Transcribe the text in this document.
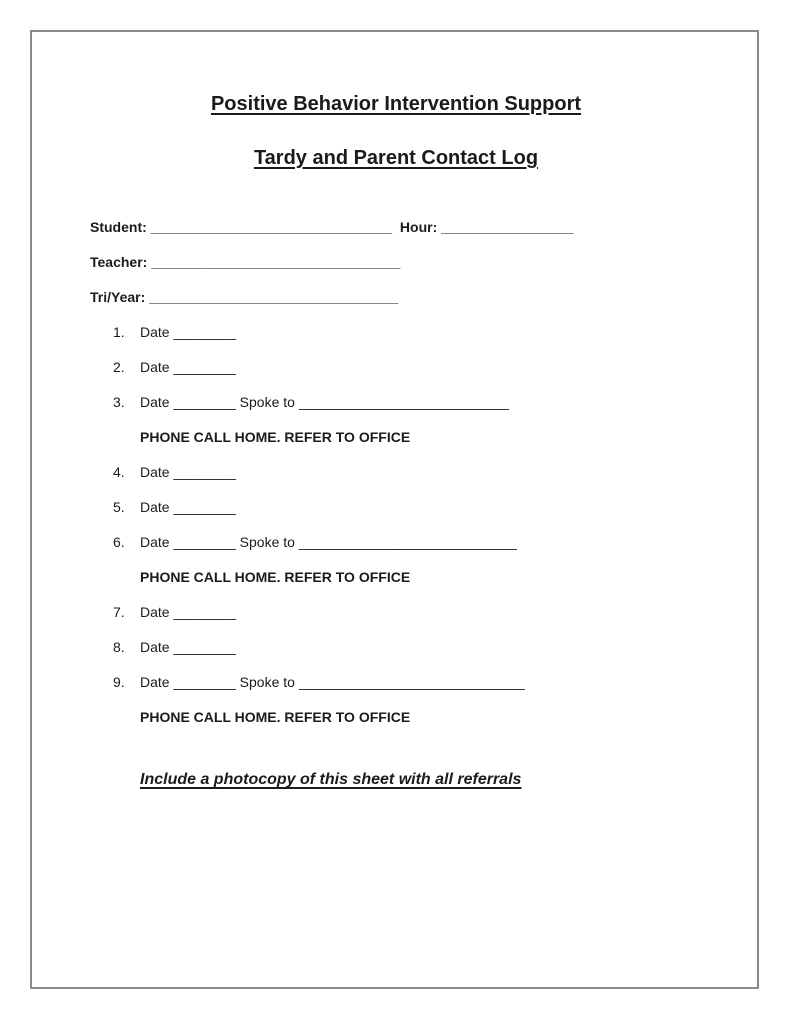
Positive Behavior Intervention Support
Tardy and Parent Contact Log

Student: _______________________________ Hour: _________________

Teacher: ________________________________

Tri/Year: ________________________________

1. Date ________

2. Date ________

3. Date ________ Spoke to ___________________________

PHONE CALL HOME. REFER TO OFFICE

4. Date ________

5. Date ________

6. Date ________ Spoke to ____________________________

PHONE CALL HOME. REFER TO OFFICE

7. Date ________

8. Date ________

9. Date ________ Spoke to _____________________________

PHONE CALL HOME. REFER TO OFFICE

Include a photocopy of this sheet with all referrals
